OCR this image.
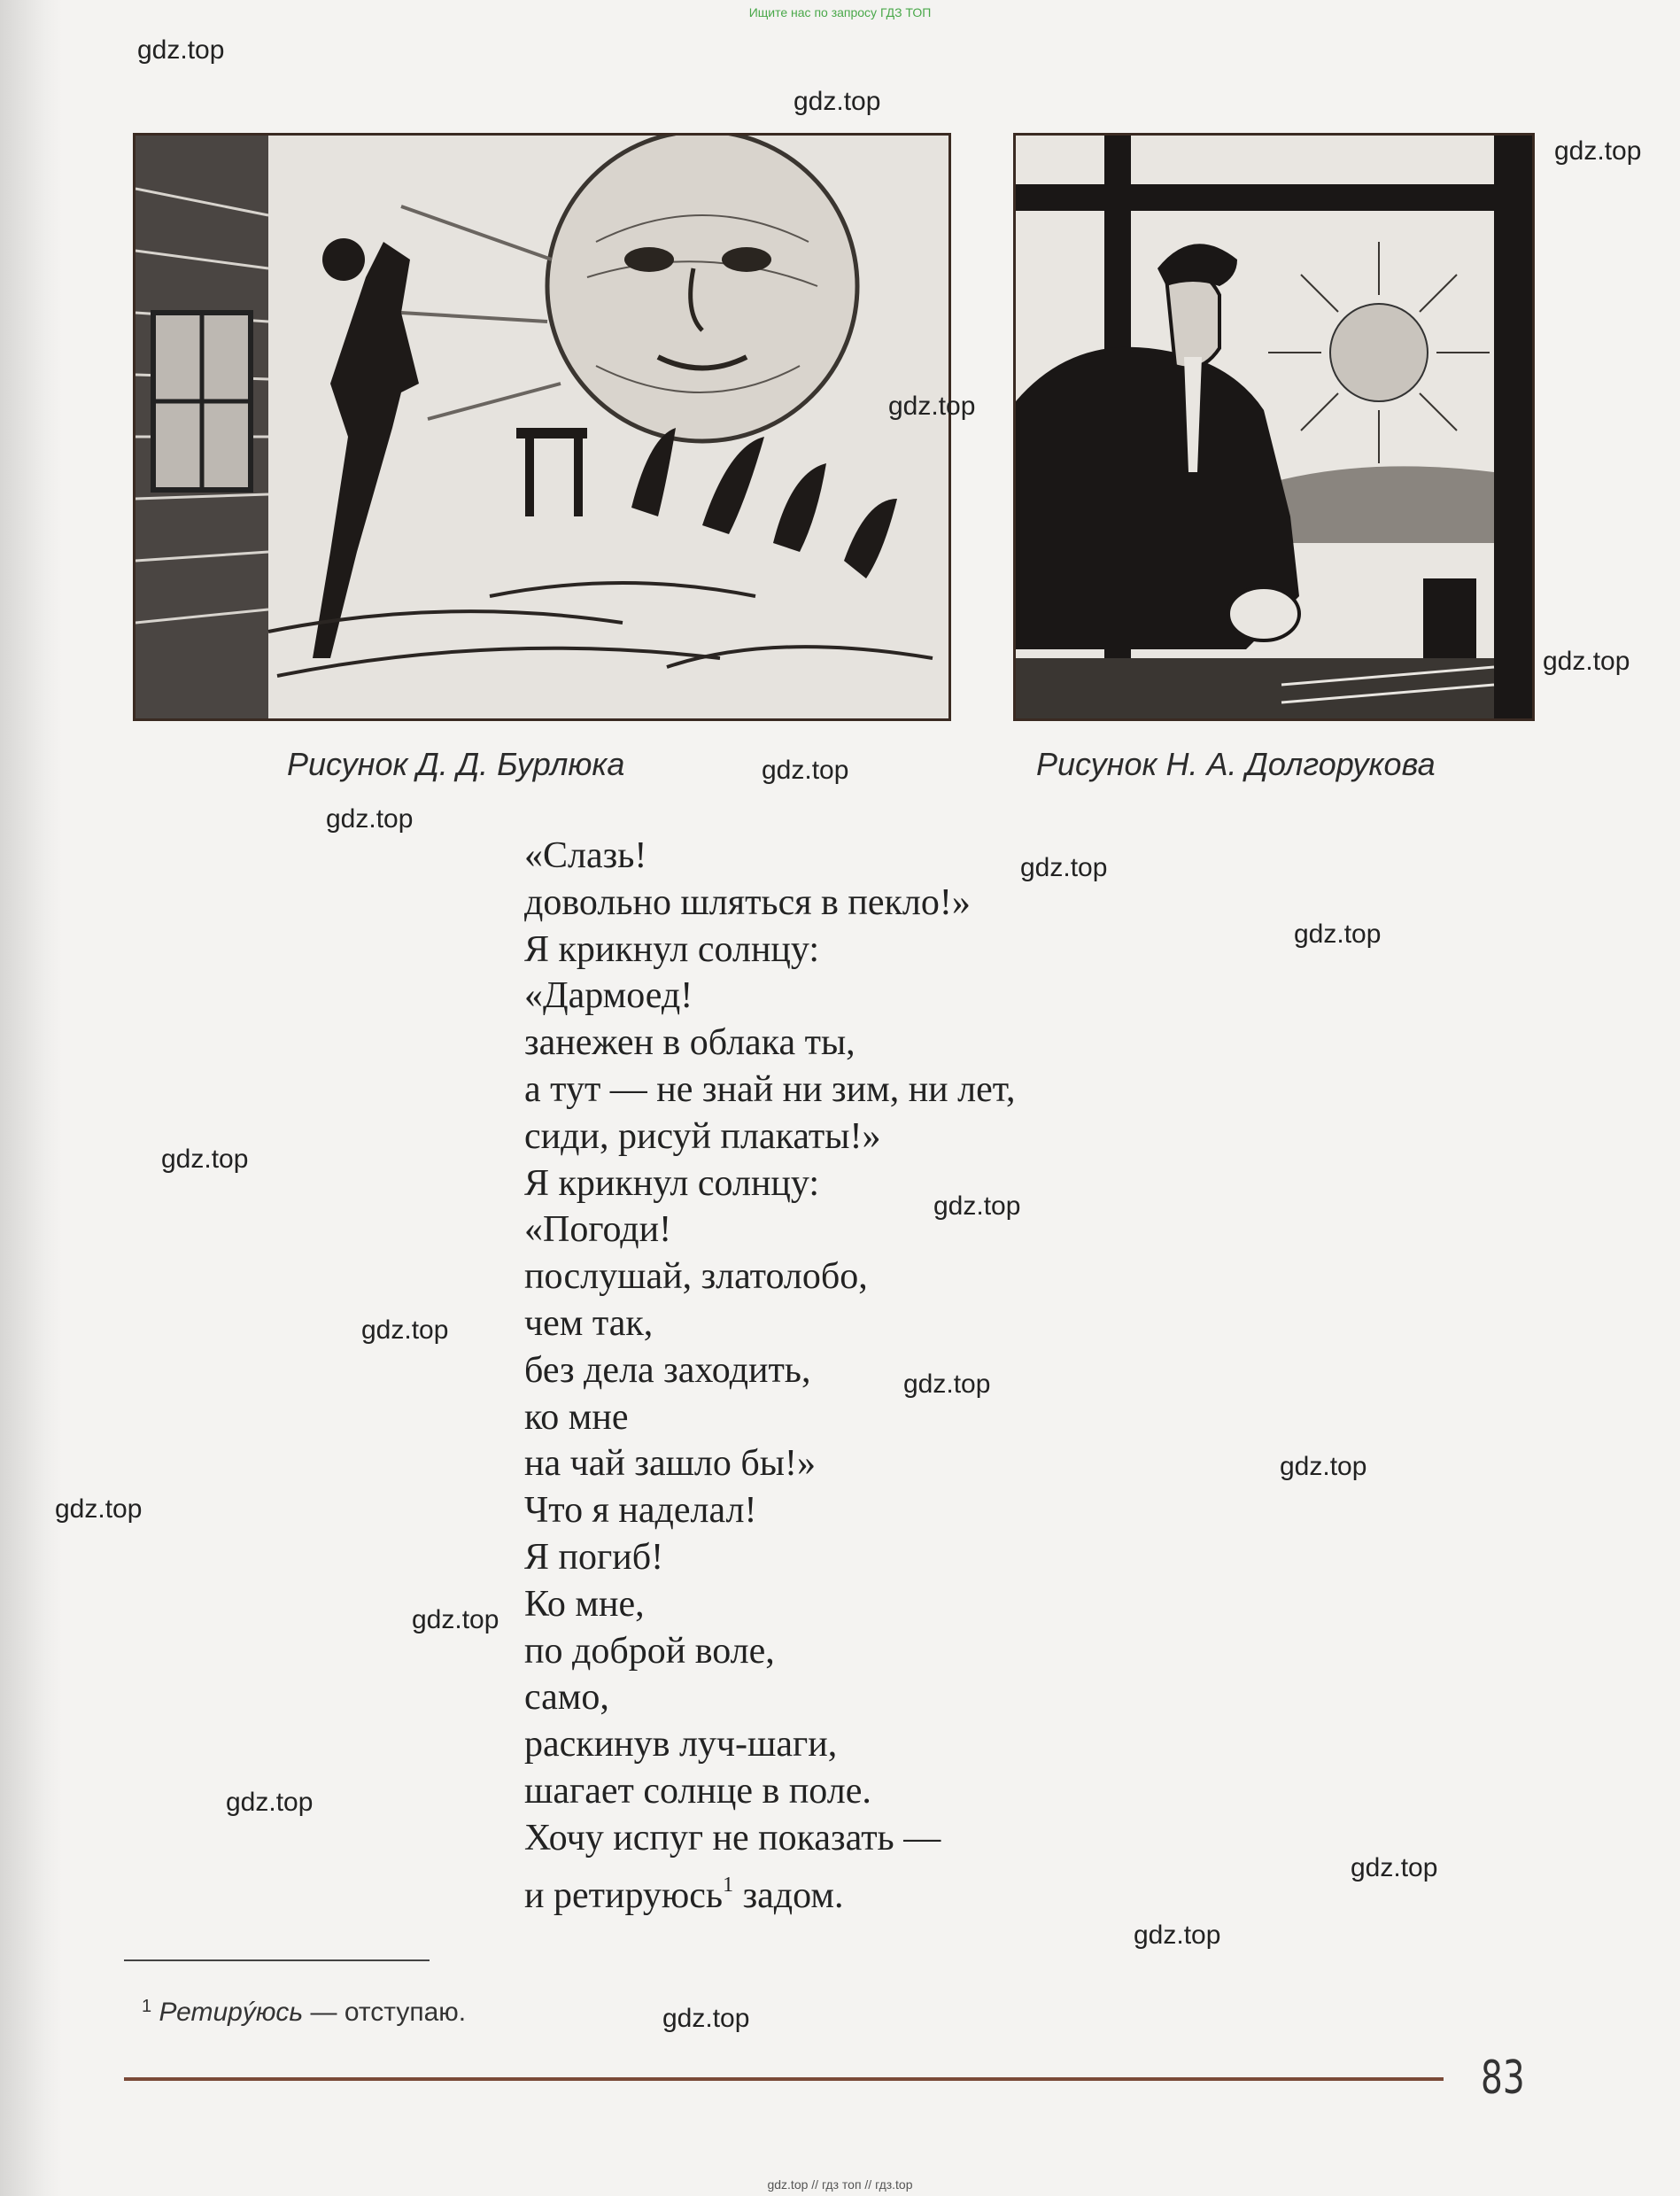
Ищите нас по запросу ГДЗ ТОП
Рисунок Д. Д. Бурлюка	Рисунок Н. А. Долгорукова
«Слазь!
довольно шляться в пекло!»
Я крикнул солнцу:
«Дармоед!
занежен в облака ты,
а тут — не знай ни зим, ни лет,
сиди, рисуй плакаты!»
Я крикнул солнцу:
«Погоди!
послушай, златолобо,
чем так,
без дела заходить,
ко мне
на чай зашло бы!»
Что я наделал!
Я погиб!
Ко мне,
по доброй воле,
само,
раскинув луч-шаги,
шагает солнце в поле.
Хочу испуг не показать —
и ретируюсь$^1$ задом.
$^1$ Ретирýюсь — отступаю.
83
gdz.top
gdz.top
gdz.top
gdz.top
gdz.top
gdz.top
gdz.top
gdz.top
gdz.top
gdz.top
gdz.top
gdz.top
gdz.top
gdz.top
gdz.top
gdz.top
gdz.top
gdz.top
gdz.top
gdz.top
gdz.top // гдз топ // гдз.top
